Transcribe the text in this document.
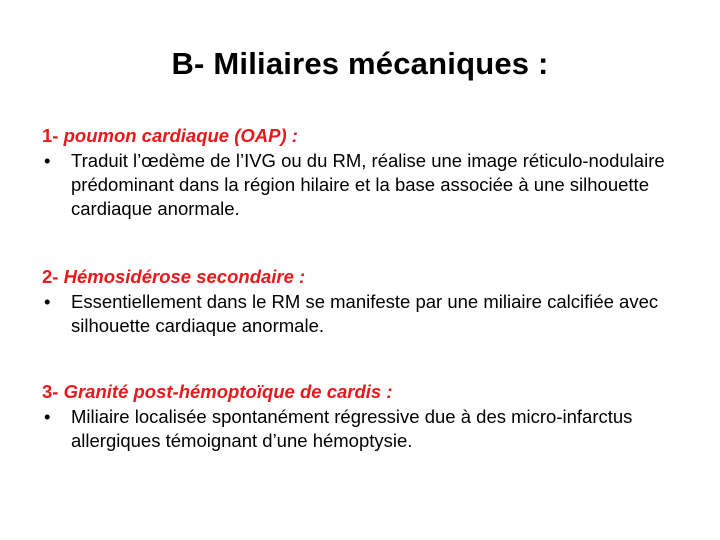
B- Miliaires mécaniques :
1- poumon cardiaque (OAP) :
• Traduit l’œdème de l’IVG ou du RM, réalise une image réticulo-nodulaire prédominant dans la région hilaire et la base associée à une silhouette cardiaque anormale.
2- Hémosidérose secondaire :
• Essentiellement dans le RM se manifeste par une miliaire calcifiée avec silhouette cardiaque anormale.
3- Granité post-hémoptoïque de cardis :
• Miliaire localisée spontanément régressive due à des micro-infarctus allergiques témoignant d’une hémoptysie.
